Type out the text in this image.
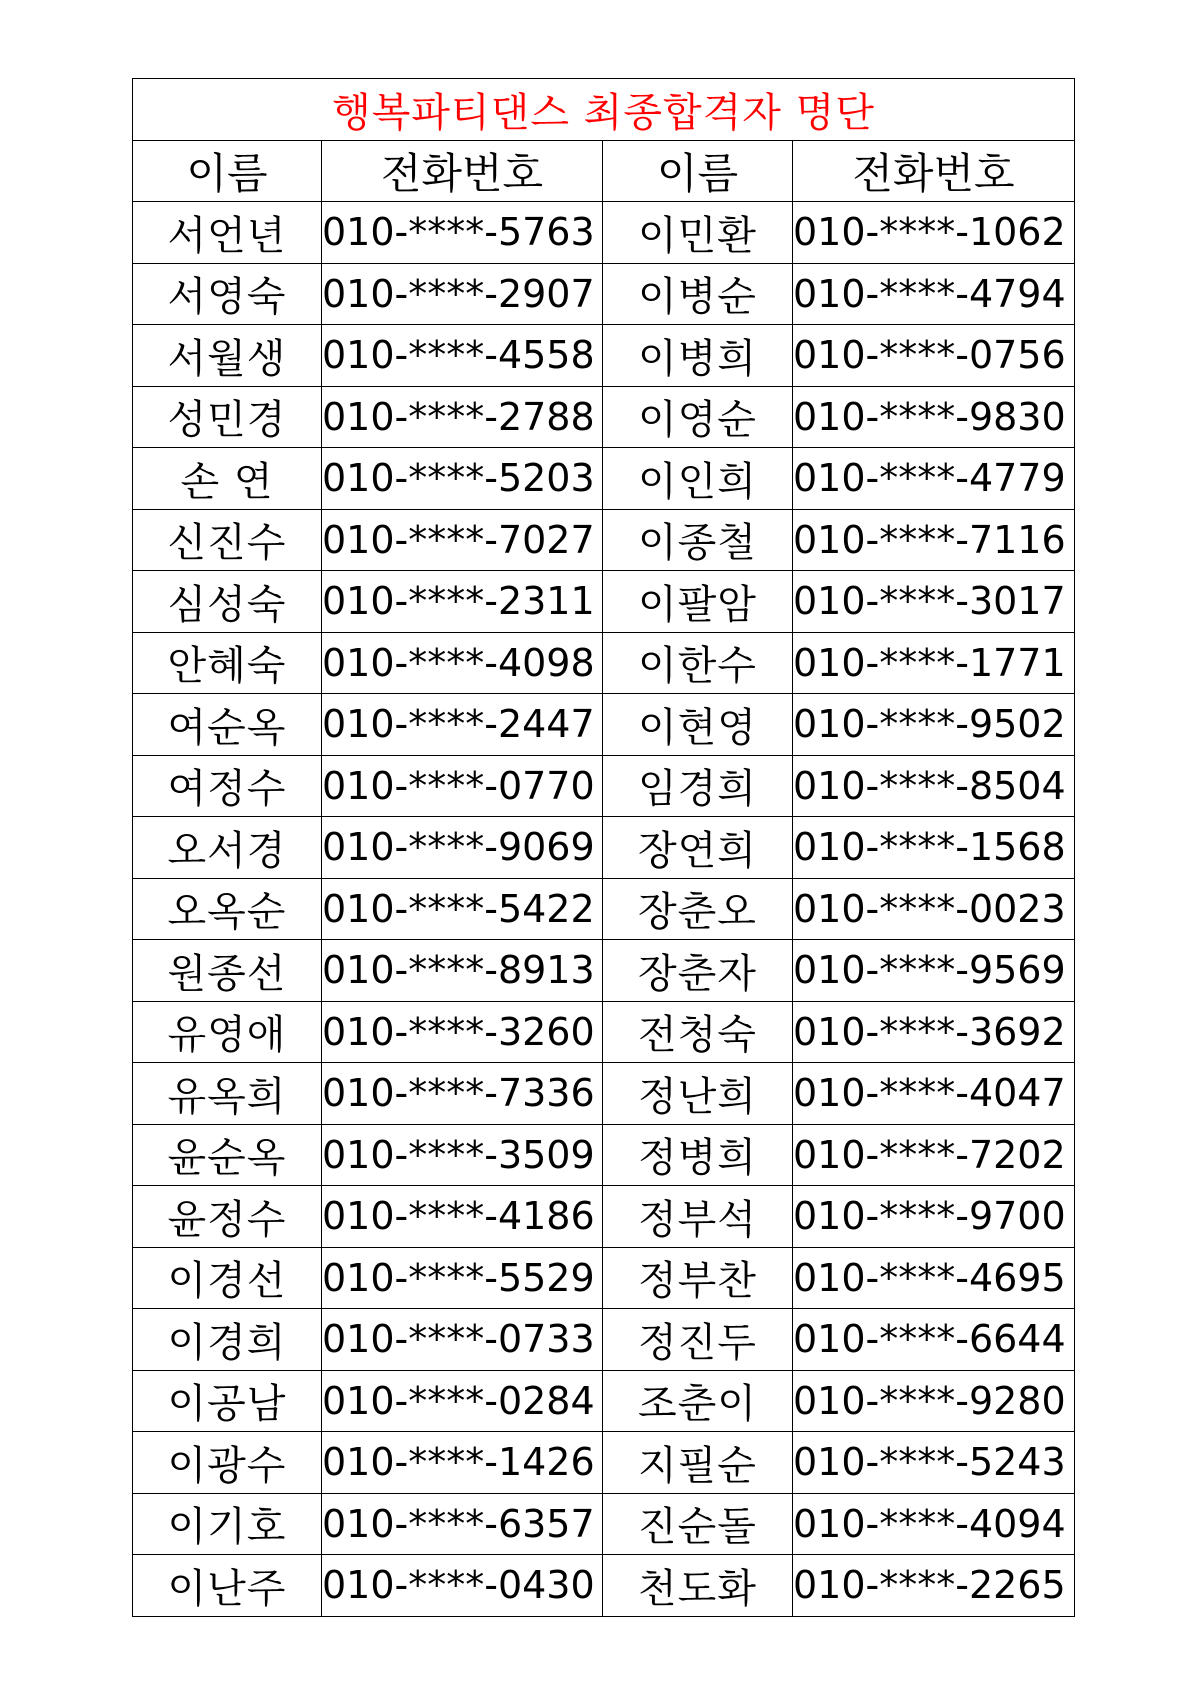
행복파티댄스 최종합격자 명단			
이름	전화번호	이름	전화번호
서언년	010-****-5763	이민환	010-****-1062
서영숙	010-****-2907	이병순	010-****-4794
서월생	010-****-4558	이병희	010-****-0756
성민경	010-****-2788	이영순	010-****-9830
손 연	010-****-5203	이인희	010-****-4779
신진수	010-****-7027	이종철	010-****-7116
심성숙	010-****-2311	이팔암	010-****-3017
안혜숙	010-****-4098	이한수	010-****-1771
여순옥	010-****-2447	이현영	010-****-9502
여정수	010-****-0770	임경희	010-****-8504
오서경	010-****-9069	장연희	010-****-1568
오옥순	010-****-5422	장춘오	010-****-0023
원종선	010-****-8913	장춘자	010-****-9569
유영애	010-****-3260	전청숙	010-****-3692
유옥희	010-****-7336	정난희	010-****-4047
윤순옥	010-****-3509	정병희	010-****-7202
윤정수	010-****-4186	정부석	010-****-9700
이경선	010-****-5529	정부찬	010-****-4695
이경희	010-****-0733	정진두	010-****-6644
이공남	010-****-0284	조춘이	010-****-9280
이광수	010-****-1426	지필순	010-****-5243
이기호	010-****-6357	진순돌	010-****-4094
이난주	010-****-0430	천도화	010-****-2265
